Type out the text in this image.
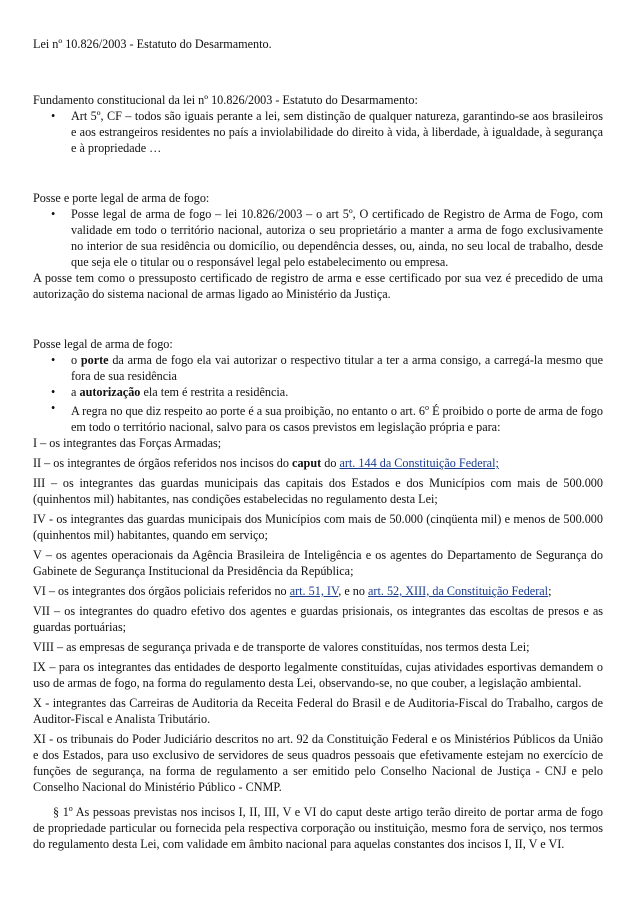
Lei nº 10.826/2003 - Estatuto do Desarmamento.

Fundamento constitucional da lei nº 10.826/2003 - Estatuto do Desarmamento:

• Art 5º, CF – todos são iguais perante a lei, sem distinção de qualquer natureza, garantindo-se aos brasileiros e aos estrangeiros residentes no país a inviolabilidade do direito à vida, à liberdade, à igualdade, à segurança e à propriedade …

Posse e porte legal de arma de fogo:

• Posse legal de arma de fogo – lei 10.826/2003 – o art 5º, O certificado de Registro de Arma de Fogo, com validade em todo o território nacional, autoriza o seu proprietário a manter a arma de fogo exclusivamente no interior de sua residência ou domicílio, ou dependência desses, ou, ainda, no seu local de trabalho, desde que seja ele o titular ou o responsável legal pelo estabelecimento ou empresa.

A posse tem como o pressuposto certificado de registro de arma e esse certificado por sua vez é precedido de uma autorização do sistema nacional de armas ligado ao Ministério da Justiça.

Posse legal de arma de fogo:

• o porte da arma de fogo ela vai autorizar o respectivo titular a ter a arma consigo, a carregá-la mesmo que fora de sua residência
• a autorização ela tem é restrita a residência.
• A regra no que diz respeito ao porte é a sua proibição, no entanto o art. 6$^o$ É proibido o porte de arma de fogo em todo o território nacional, salvo para os casos previstos em legislação própria e para:

I – os integrantes das Forças Armadas;

II – os integrantes de órgãos referidos nos incisos do caput do art. 144 da Constituição Federal;

III – os integrantes das guardas municipais das capitais dos Estados e dos Municípios com mais de 500.000 (quinhentos mil) habitantes, nas condições estabelecidas no regulamento desta Lei;

IV - os integrantes das guardas municipais dos Municípios com mais de 50.000 (cinqüenta mil) e menos de 500.000 (quinhentos mil) habitantes, quando em serviço;

V – os agentes operacionais da Agência Brasileira de Inteligência e os agentes do Departamento de Segurança do Gabinete de Segurança Institucional da Presidência da República;

VI – os integrantes dos órgãos policiais referidos no art. 51, IV, e no art. 52, XIII, da Constituição Federal;

VII – os integrantes do quadro efetivo dos agentes e guardas prisionais, os integrantes das escoltas de presos e as guardas portuárias;

VIII – as empresas de segurança privada e de transporte de valores constituídas, nos termos desta Lei;

IX – para os integrantes das entidades de desporto legalmente constituídas, cujas atividades esportivas demandem o uso de armas de fogo, na forma do regulamento desta Lei, observando-se, no que couber, a legislação ambiental.

X - integrantes das Carreiras de Auditoria da Receita Federal do Brasil e de Auditoria-Fiscal do Trabalho, cargos de Auditor-Fiscal e Analista Tributário.

XI - os tribunais do Poder Judiciário descritos no art. 92 da Constituição Federal e os Ministérios Públicos da União e dos Estados, para uso exclusivo de servidores de seus quadros pessoais que efetivamente estejam no exercício de funções de segurança, na forma de regulamento a ser emitido pelo Conselho Nacional de Justiça - CNJ e pelo Conselho Nacional do Ministério Público - CNMP.

§ 1$^o$ As pessoas previstas nos incisos I, II, III, V e VI do caput deste artigo terão direito de portar arma de fogo de propriedade particular ou fornecida pela respectiva corporação ou instituição, mesmo fora de serviço, nos termos do regulamento desta Lei, com validade em âmbito nacional para aquelas constantes dos incisos I, II, V e VI.
